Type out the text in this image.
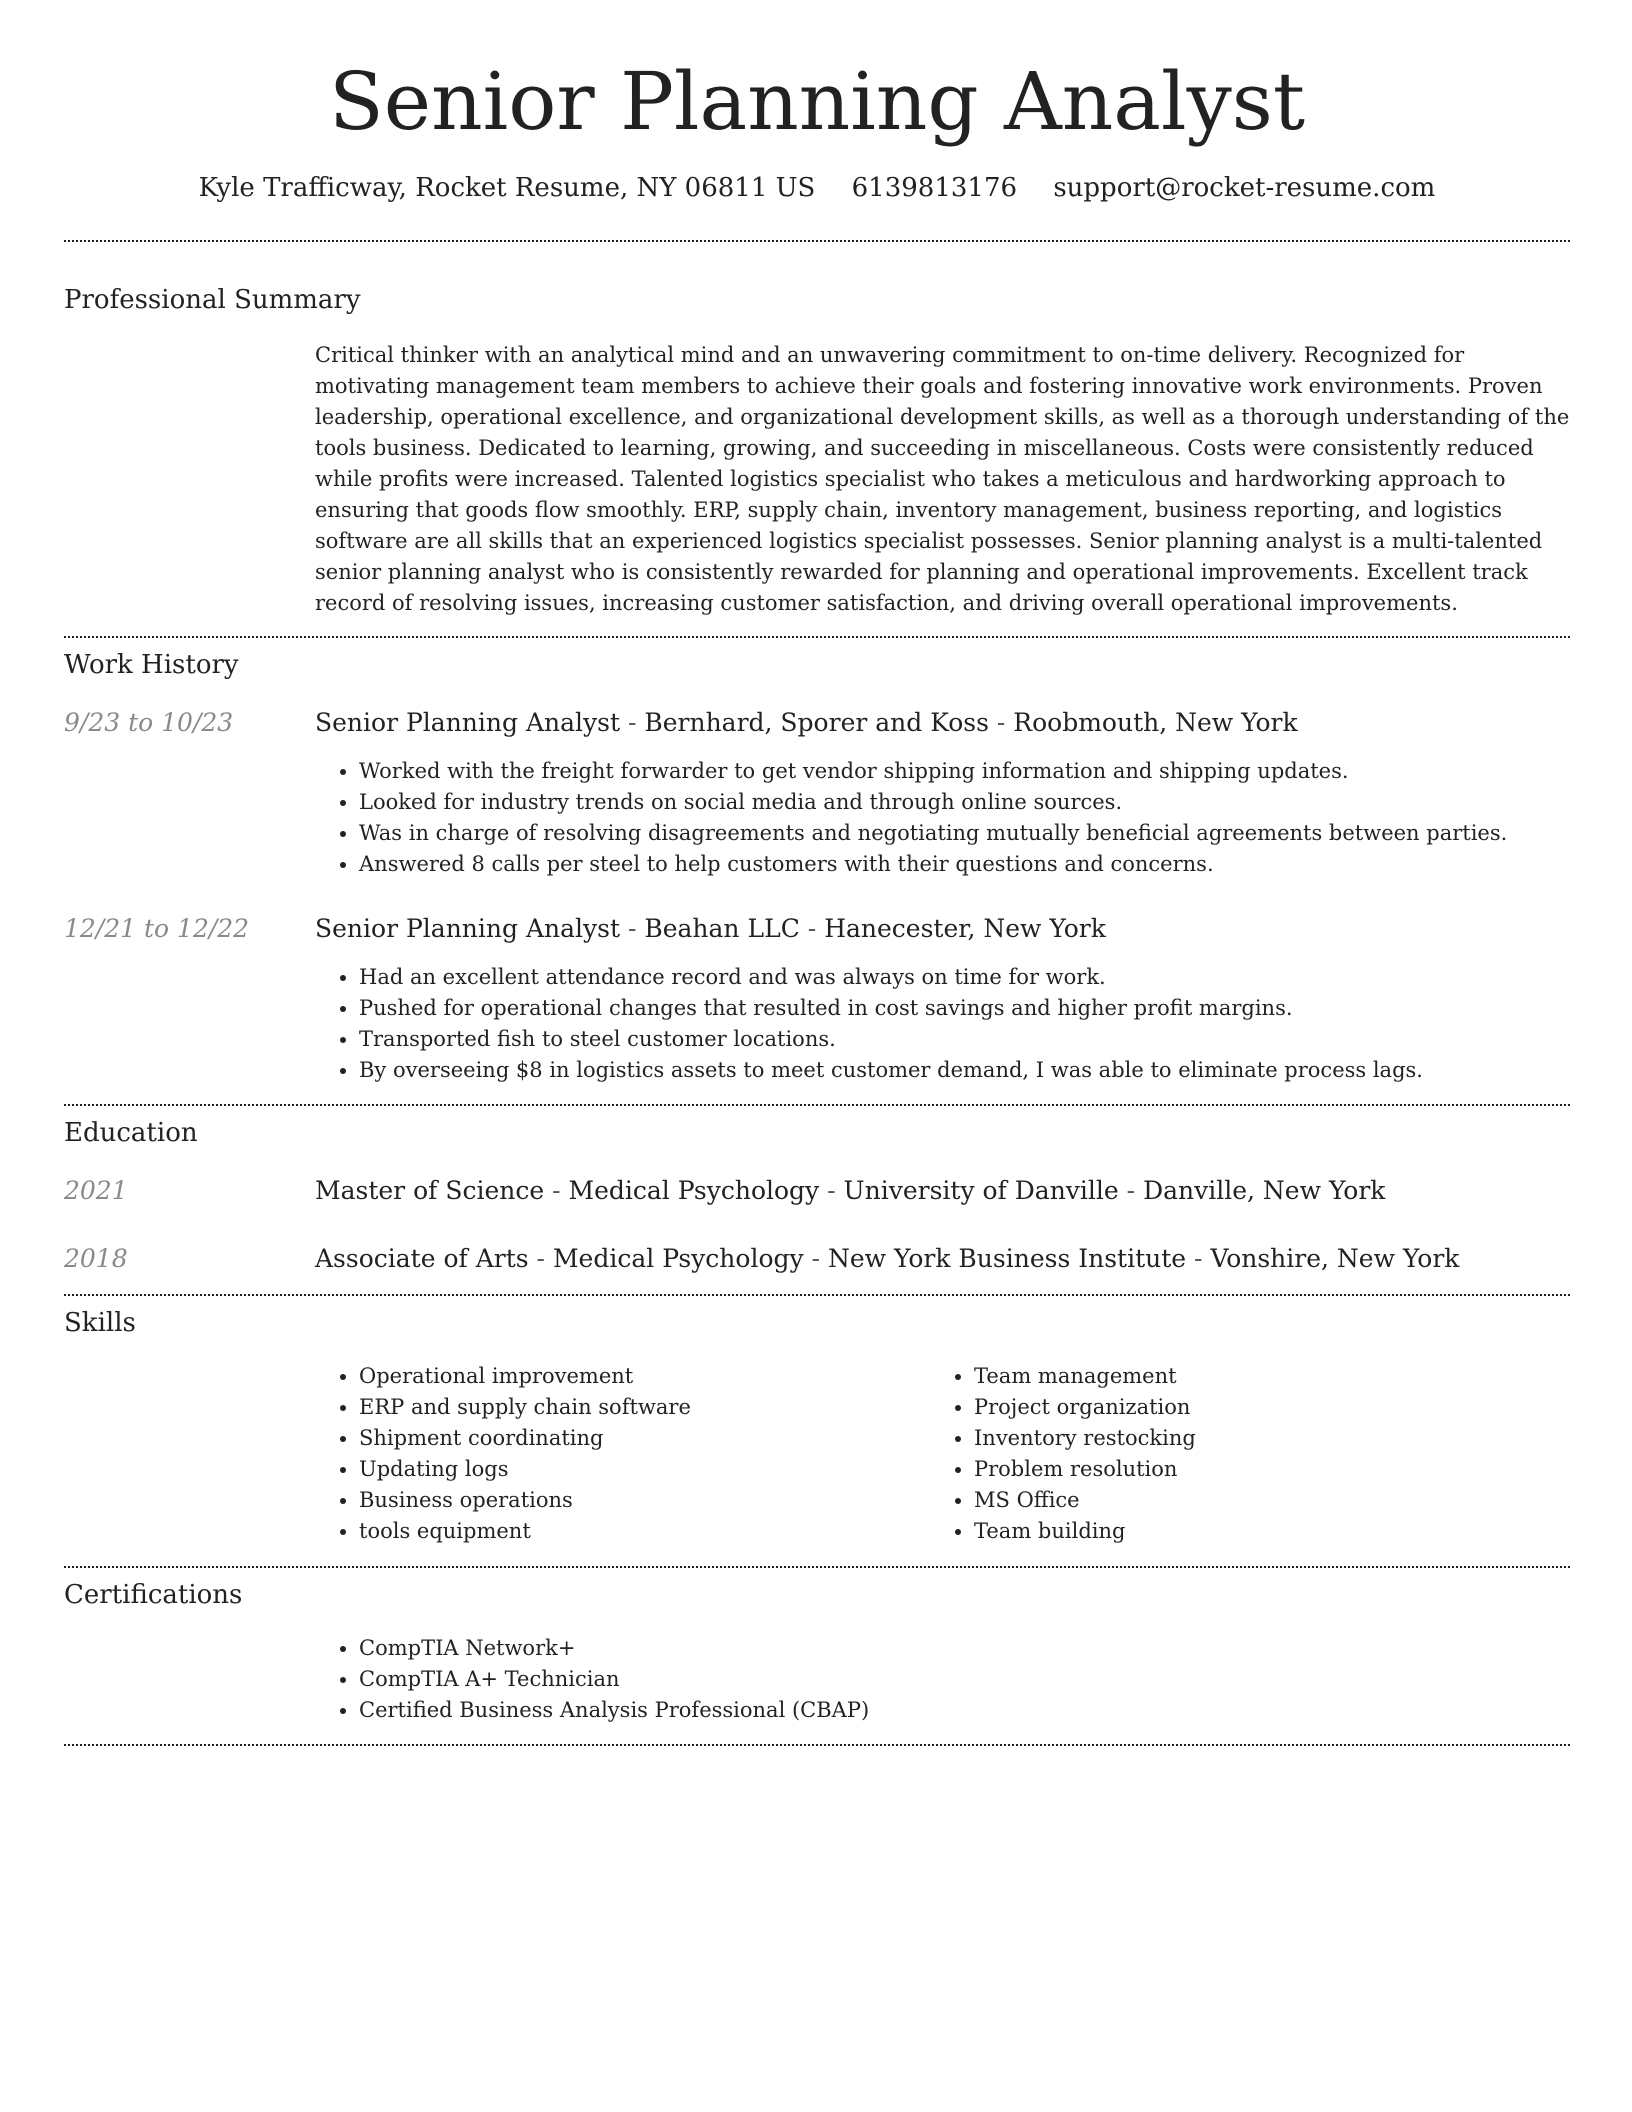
Senior Planning Analyst
Kyle Trafficway, Rocket Resume, NY 06811 US 6139813176 support@rocket-resume.com
Professional Summary

Critical thinker with an analytical mind and an unwavering commitment to on-time delivery. Recognized for motivating management team members to achieve their goals and fostering innovative work environments. Proven leadership, operational excellence, and organizational development skills, as well as a thorough understanding of the tools business. Dedicated to learning, growing, and succeeding in miscellaneous. Costs were consistently reduced while profits were increased. Talented logistics specialist who takes a meticulous and hardworking approach to ensuring that goods flow smoothly. ERP, supply chain, inventory management, business reporting, and logistics software are all skills that an experienced logistics specialist possesses. Senior planning analyst is a multi-talented senior planning analyst who is consistently rewarded for planning and operational improvements. Excellent track record of resolving issues, increasing customer satisfaction, and driving overall operational improvements.

Work History
9/23 to 10/23	Senior Planning Analyst - Bernhard, Sporer and Koss - Roobmouth, New York
• Worked with the freight forwarder to get vendor shipping information and shipping updates.
• Looked for industry trends on social media and through online sources.
• Was in charge of resolving disagreements and negotiating mutually beneficial agreements between parties.
• Answered 8 calls per steel to help customers with their questions and concerns.
12/21 to 12/22	Senior Planning Analyst - Beahan LLC - Hanecester, New York
• Had an excellent attendance record and was always on time for work.
• Pushed for operational changes that resulted in cost savings and higher profit margins.
• Transported fish to steel customer locations.
• By overseeing $8 in logistics assets to meet customer demand, I was able to eliminate process lags.
Education
2021	Master of Science - Medical Psychology - University of Danville - Danville, New York
2018	Associate of Arts - Medical Psychology - New York Business Institute - Vonshire, New York
Skills
• Operational improvement
• ERP and supply chain software
• Shipment coordinating
• Updating logs
• Business operations
• tools equipment
• Team management
• Project organization
• Inventory restocking
• Problem resolution
• MS Office
• Team building
Certifications
• CompTIA Network+
• CompTIA A+ Technician
• Certified Business Analysis Professional (CBAP)
